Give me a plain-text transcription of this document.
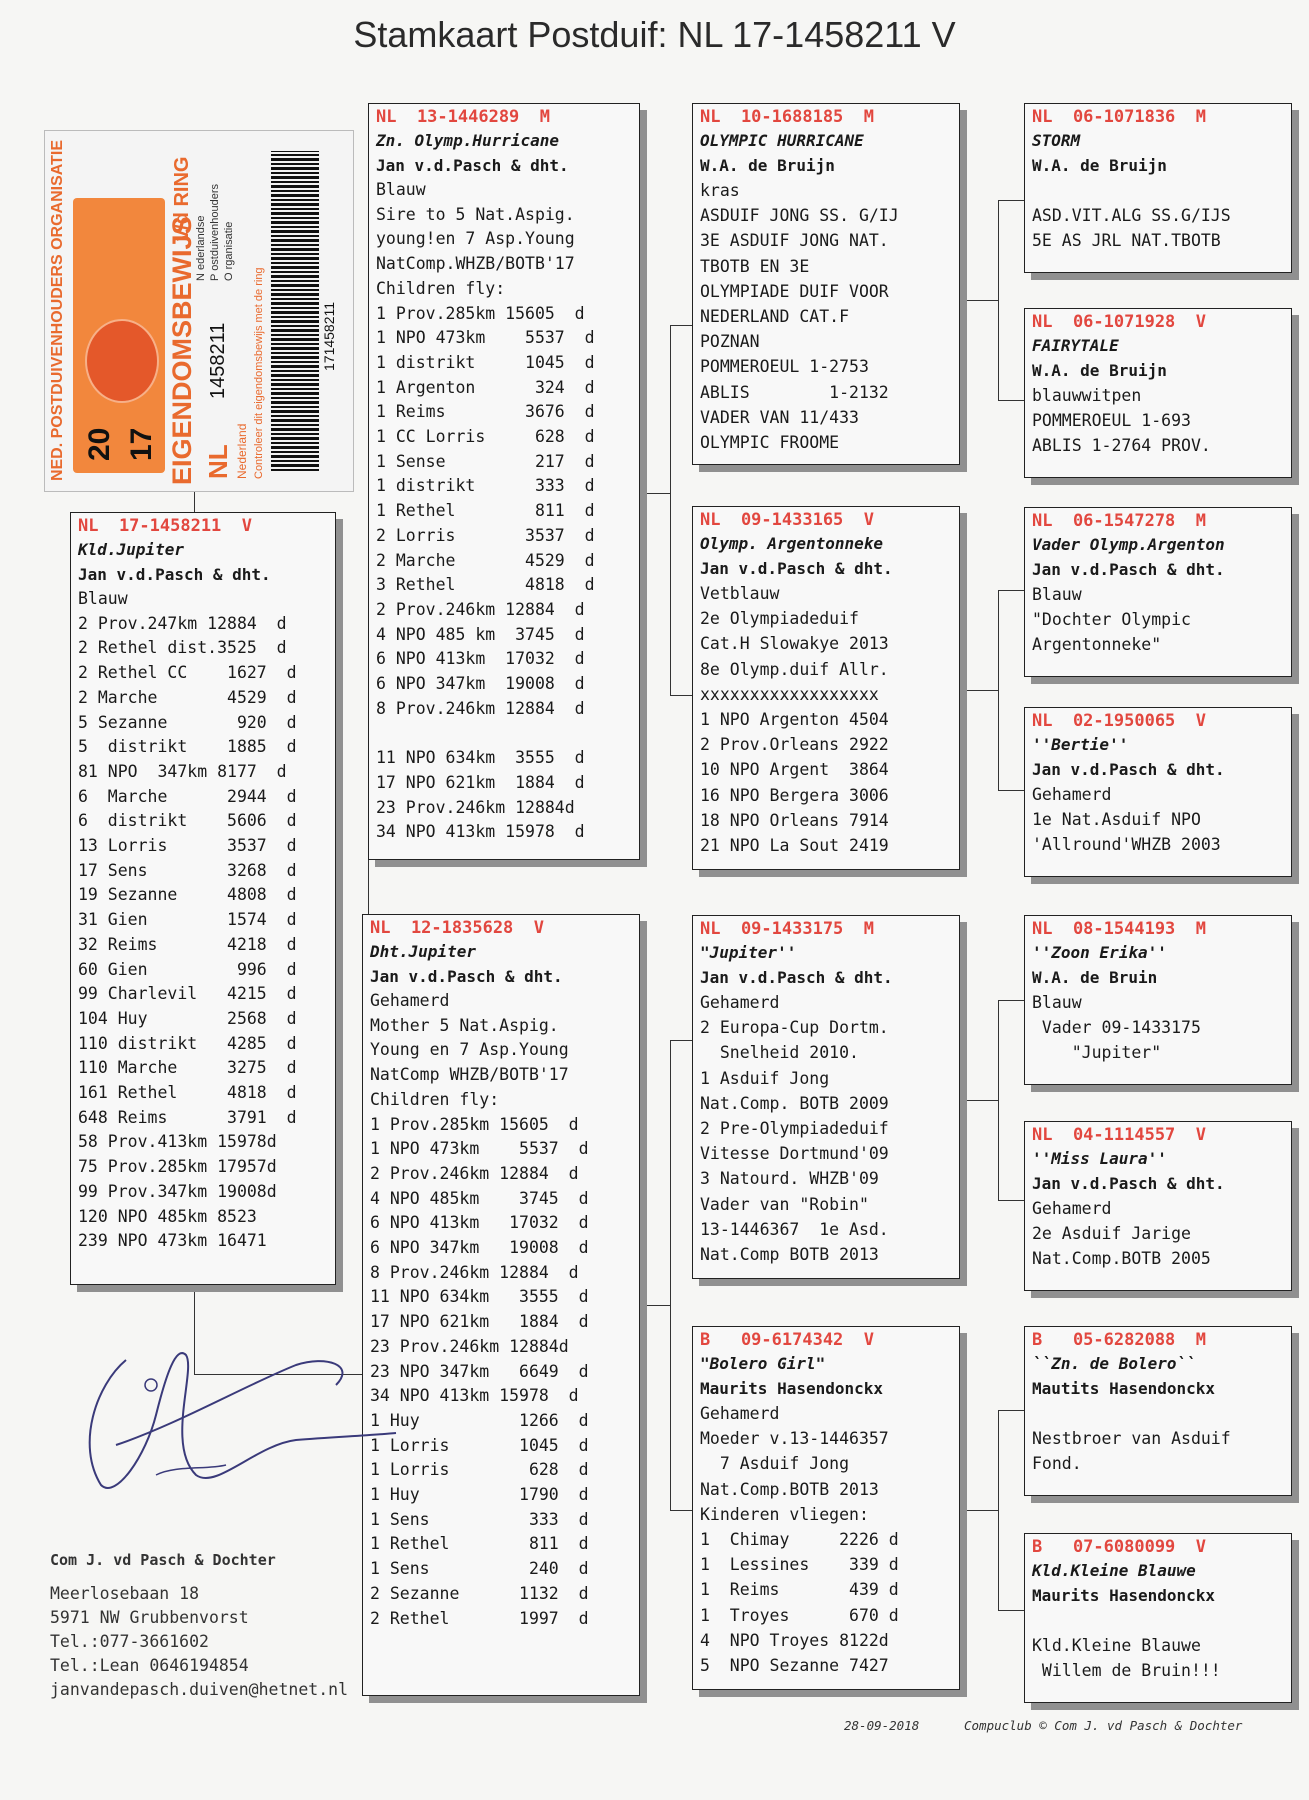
Stamkaart Postduif: NL 17-1458211 V
NED. POSTDUIVENHOUDERS ORGANISATIE 20 17 EIGENDOMSBEWIJS
v/d RING
NL
1458211
Nederland
N ederlandse P ostduivenhouders O rganisatie
Controleer dit eigendomsbewijs met de ring	171458211
NL  17-1458211  V
Kld.Jupiter
Jan v.d.Pasch & dht.
Blauw
2 Prov.247km 12884  d
2 Rethel dist.3525  d
2 Rethel CC    1627  d
2 Marche       4529  d
5 Sezanne       920  d
5  distrikt    1885  d
81 NPO  347km 8177  d
6  Marche      2944  d
6  distrikt    5606  d
13 Lorris      3537  d
17 Sens        3268  d
19 Sezanne     4808  d
31 Gien        1574  d
32 Reims       4218  d
60 Gien         996  d
99 Charlevil   4215  d
104 Huy        2568  d
110 distrikt   4285  d
110 Marche     3275  d
161 Rethel     4818  d
648 Reims      3791  d
58 Prov.413km 15978d
75 Prov.285km 17957d
99 Prov.347km 19008d
120 NPO 485km 8523
239 NPO 473km 16471
NL  13-1446289  M
Zn. Olymp.Hurricane
Jan v.d.Pasch & dht.
Blauw
Sire to 5 Nat.Aspig.
young!en 7 Asp.Young
NatComp.WHZB/BOTB'17
Children fly:
1 Prov.285km 15605  d
1 NPO 473km    5537  d
1 distrikt     1045  d
1 Argenton      324  d
1 Reims        3676  d
1 CC Lorris     628  d
1 Sense         217  d
1 distrikt      333  d
1 Rethel        811  d
2 Lorris       3537  d
2 Marche       4529  d
3 Rethel       4818  d
2 Prov.246km 12884  d
4 NPO 485 km  3745  d
6 NPO 413km  17032  d
6 NPO 347km  19008  d
8 Prov.246km 12884  d
11 NPO 634km  3555  d
17 NPO 621km  1884  d
23 Prov.246km 12884d
34 NPO 413km 15978  d
NL  12-1835628  V
Dht.Jupiter
Jan v.d.Pasch & dht.
Gehamerd
Mother 5 Nat.Aspig.
Young en 7 Asp.Young
NatComp WHZB/BOTB'17
Children fly:
1 Prov.285km 15605  d
1 NPO 473km    5537  d
2 Prov.246km 12884  d
4 NPO 485km    3745  d
6 NPO 413km   17032  d
6 NPO 347km   19008  d
8 Prov.246km 12884  d
11 NPO 634km   3555  d
17 NPO 621km   1884  d
23 Prov.246km 12884d
23 NPO 347km   6649  d
34 NPO 413km 15978  d
1 Huy          1266  d
1 Lorris       1045  d
1 Lorris        628  d
1 Huy          1790  d
1 Sens          333  d
1 Rethel        811  d
1 Sens          240  d
2 Sezanne      1132  d
2 Rethel       1997  d
NL  10-1688185  M
OLYMPIC HURRICANE
W.A. de Bruijn
kras
ASDUIF JONG SS. G/IJ
3E ASDUIF JONG NAT.
TBOTB EN 3E
OLYMPIADE DUIF VOOR
NEDERLAND CAT.F
POZNAN
POMMEROEUL 1-2753
ABLIS        1-2132
VADER VAN 11/433
OLYMPIC FROOME
NL  09-1433165  V
Olymp. Argentonneke
Jan v.d.Pasch & dht.
Vetblauw
2e Olympiadeduif
Cat.H Slowakye 2013
8e Olymp.duif Allr.
xxxxxxxxxxxxxxxxxx
1 NPO Argenton 4504
2 Prov.Orleans 2922
10 NPO Argent  3864
16 NPO Bergera 3006
18 NPO Orleans 7914
21 NPO La Sout 2419
NL  09-1433175  M
"Jupiter''
Jan v.d.Pasch & dht.
Gehamerd
2 Europa-Cup Dortm.
Snelheid 2010.
1 Asduif Jong
Nat.Comp. BOTB 2009
2 Pre-Olympiadeduif
Vitesse Dortmund'09
3 Natourd. WHZB'09
Vader van "Robin"
13-1446367  1e Asd.
Nat.Comp BOTB 2013
B   09-6174342  V
"Bolero Girl"
Maurits Hasendonckx
Gehamerd
Moeder v.13-1446357
7 Asduif Jong
Nat.Comp.BOTB 2013
Kinderen vliegen:
1  Chimay     2226 d
1  Lessines    339 d
1  Reims       439 d
1  Troyes      670 d
4  NPO Troyes 8122d
5  NPO Sezanne 7427
NL  06-1071836  M
STORM
W.A. de Bruijn
ASD.VIT.ALG SS.G/IJS
5E AS JRL NAT.TBOTB
NL  06-1071928  V
FAIRYTALE
W.A. de Bruijn
blauwwitpen
POMMEROEUL 1-693
ABLIS 1-2764 PROV.
NL  06-1547278  M
Vader Olymp.Argenton
Jan v.d.Pasch & dht.
Blauw
"Dochter Olympic
Argentonneke"
NL  02-1950065  V
''Bertie''
Jan v.d.Pasch & dht.
Gehamerd
1e Nat.Asduif NPO
'Allround'WHZB 2003
NL  08-1544193  M
''Zoon Erika''
W.A. de Bruin
Blauw
Vader 09-1433175
"Jupiter"
NL  04-1114557  V
''Miss Laura''
Jan v.d.Pasch & dht.
Gehamerd
2e Asduif Jarige
Nat.Comp.BOTB 2005
B   05-6282088  M
``Zn. de Bolero``
Mautits Hasendonckx
Nestbroer van Asduif
Fond.
B   07-6080099  V
Kld.Kleine Blauwe
Maurits Hasendonckx
Kld.Kleine Blauwe
Willem de Bruin!!!
Com J. vd Pasch & Dochter
Meerlosebaan 18
5971 NW Grubbenvorst
Tel.:077-3661602
Tel.:Lean 0646194854
janvandepasch.duiven@hetnet.nl
28-09-2018	Compuclub © Com J. vd Pasch & Dochter
